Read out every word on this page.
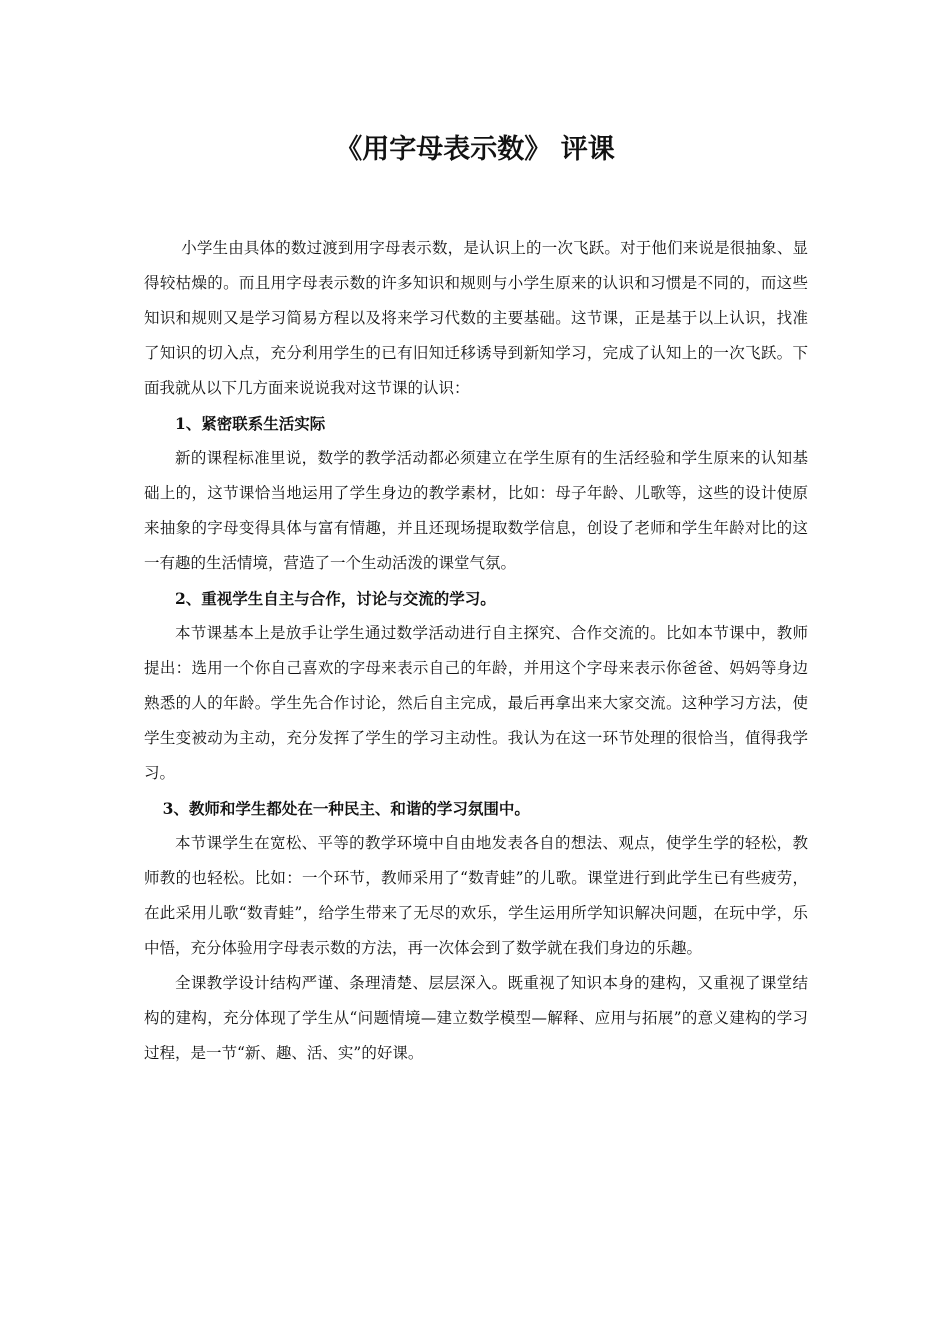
《用字母表示数》 评课

小学生由具体的数过渡到用字母表示数，是认识上的一次飞跃。对于他们来说是很抽象、显得较枯燥的。而且用字母表示数的许多知识和规则与小学生原来的认识和习惯是不同的，而这些知识和规则又是学习简易方程以及将来学习代数的主要基础。这节课，正是基于以上认识，找准了知识的切入点，充分利用学生的已有旧知迁移诱导到新知学习，完成了认知上的一次飞跃。下面我就从以下几方面来说说我对这节课的认识：

1、紧密联系生活实际

新的课程标准里说，数学的教学活动都必须建立在学生原有的生活经验和学生原来的认知基础上的，这节课恰当地运用了学生身边的教学素材，比如：母子年龄、儿歌等，这些的设计使原来抽象的字母变得具体与富有情趣，并且还现场提取数学信息，创设了老师和学生年龄对比的这一有趣的生活情境，营造了一个生动活泼的课堂气氛。

2、重视学生自主与合作，讨论与交流的学习。

本节课基本上是放手让学生通过数学活动进行自主探究、合作交流的。比如本节课中，教师提出：选用一个你自己喜欢的字母来表示自己的年龄，并用这个字母来表示你爸爸、妈妈等身边熟悉的人的年龄。学生先合作讨论，然后自主完成，最后再拿出来大家交流。这种学习方法，使学生变被动为主动，充分发挥了学生的学习主动性。我认为在这一环节处理的很恰当，值得我学习。

3、教师和学生都处在一种民主、和谐的学习氛围中。

本节课学生在宽松、平等的教学环境中自由地发表各自的想法、观点，使学生学的轻松，教师教的也轻松。比如：一个环节，教师采用了“数青蛙”的儿歌。课堂进行到此学生已有些疲劳，在此采用儿歌“数青蛙”，给学生带来了无尽的欢乐，学生运用所学知识解决问题，在玩中学，乐中悟，充分体验用字母表示数的方法，再一次体会到了数学就在我们身边的乐趣。

全课教学设计结构严谨、条理清楚、层层深入。既重视了知识本身的建构，又重视了课堂结构的建构，充分体现了学生从“问题情境—建立数学模型—解释、应用与拓展”的意义建构的学习过程，是一节“新、趣、活、实”的好课。
